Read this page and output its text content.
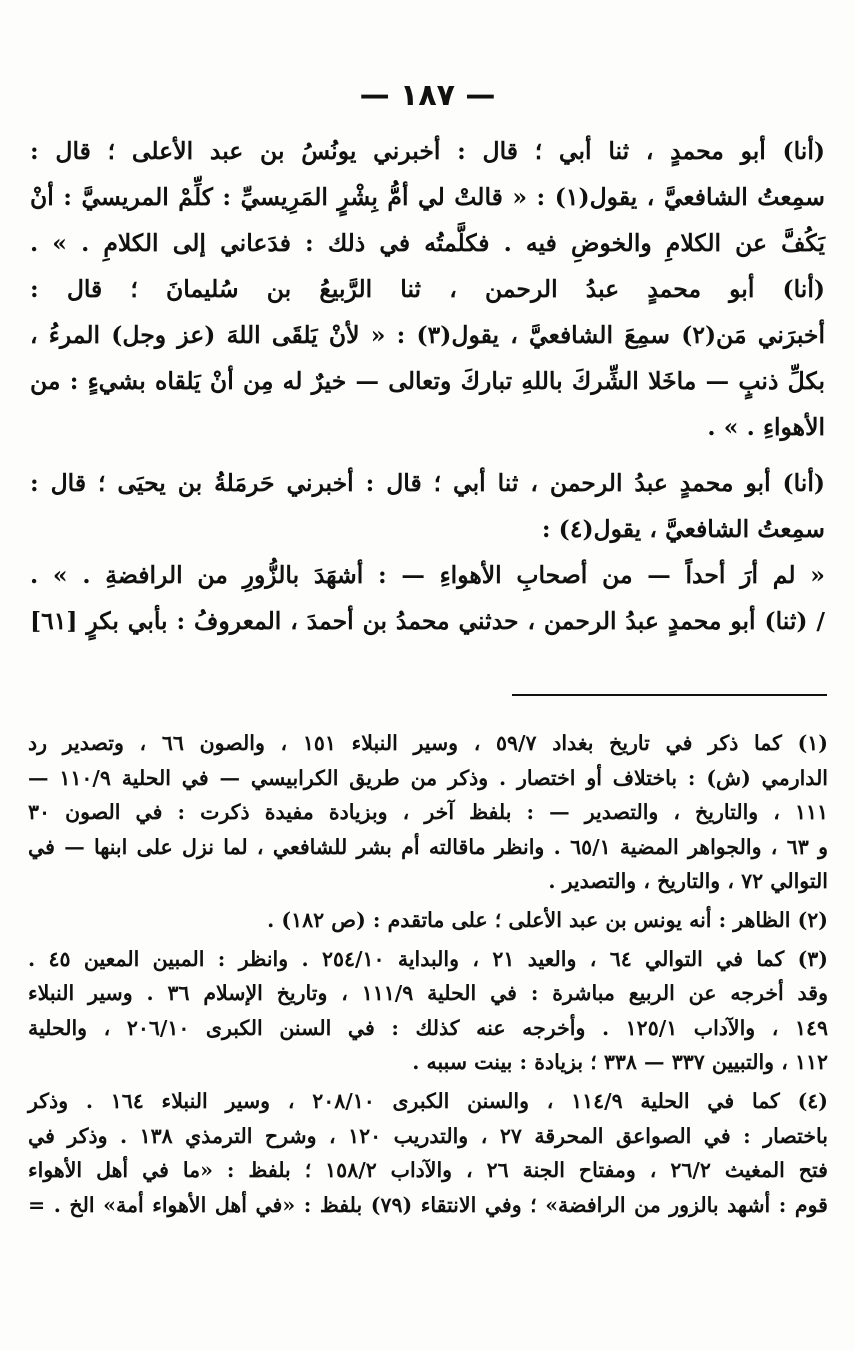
— ١٨٧ —
(أنا) أبو محمدٍ ، ثنا أبي ؛ قال : أخبرني يونُسُ بن عبد الأعلى ؛ قال :
سمِعتُ الشافعيَّ ، يقول(١) : « قالتْ لي أمُّ بِشْرٍ المَرِيسيِّ : كلِّمْ المريسيَّ : أنْ
يَكُفَّ عن الكلامِ والخوضِ فيه . فكلَّمتُه في ذلك : فدَعاني إلى الكلامِ . » .
(أنا) أبو محمدٍ عبدُ الرحمن ، ثنا الرَّبيعُ بن سُليمانَ ؛ قال :
أخبرَني مَن(٢) سمِعَ الشافعيَّ ، يقول(٣) : « لأنْ يَلقَى اللهَ (عز وجل) المرءُ ،
بكلِّ ذنبٍ — ماخَلا الشِّركَ باللهِ تباركَ وتعالى — خيرٌ له مِن أنْ يَلقاه بشيءٍ : من
الأهواءِ . » .
(أنا) أبو محمدٍ عبدُ الرحمن ، ثنا أبي ؛ قال : أخبرني حَرمَلةُ بن يحيَى ؛ قال :
سمِعتُ الشافعيَّ ، يقول(٤) :
« لم أرَ أحداً — من أصحابِ الأهواءِ — : أشهَدَ بالزُّورِ من الرافضةِ . » .
/ (ثنا) أبو محمدٍ عبدُ الرحمن ، حدثني محمدُ بن أحمدَ ، المعروفُ : بأبي بكرٍ [٦١]
(١) كما ذكر في تاريخ بغداد ٥٩/٧ ، وسير النبلاء ١٥١ ، والصون ٦٦ ، وتصدير رد
الدارمي (ش) : باختلاف أو اختصار . وذكر من طريق الكرابيسي — في الحلية ١١٠/٩ —
١١١ ، والتاريخ ، والتصدير — : بلفظ آخر ، وبزيادة مفيدة ذكرت : في الصون ٣٠
و ٦٣ ، والجواهر المضية ٦٥/١ . وانظر ماقالته أم بشر للشافعي ، لما نزل على ابنها — في
التوالي ٧٢ ، والتاريخ ، والتصدير .
(٢) الظاهر : أنه يونس بن عبد الأعلى ؛ على ماتقدم : (ص ١٨٢) .
(٣) كما في التوالي ٦٤ ، والعيد ٢١ ، والبداية ٢٥٤/١٠ . وانظر : المبين المعين ٤٥ .
وقد أخرجه عن الربيع مباشرة : في الحلية ١١١/٩ ، وتاريخ الإسلام ٣٦ . وسير النبلاء
١٤٩ ، والآداب ١٢٥/١ . وأخرجه عنه كذلك : في السنن الكبرى ٢٠٦/١٠ ، والحلية
١١٢ ، والتبيين ٣٣٧ — ٣٣٨ ؛ بزيادة : بينت سببه .
(٤) كما في الحلية ١١٤/٩ ، والسنن الكبرى ٢٠٨/١٠ ، وسير النبلاء ١٦٤ . وذكر
باختصار : في الصواعق المحرقة ٢٧ ، والتدريب ١٢٠ ، وشرح الترمذي ١٣٨ . وذكر في
فتح المغيث ٢٦/٢ ، ومفتاح الجنة ٢٦ ، والآداب ١٥٨/٢ ؛ بلفظ : «ما في أهل الأهواء
قوم : أشهد بالزور من الرافضة» ؛ وفي الانتقاء (٧٩) بلفظ : «في أهل الأهواء أمة» الخ . =
